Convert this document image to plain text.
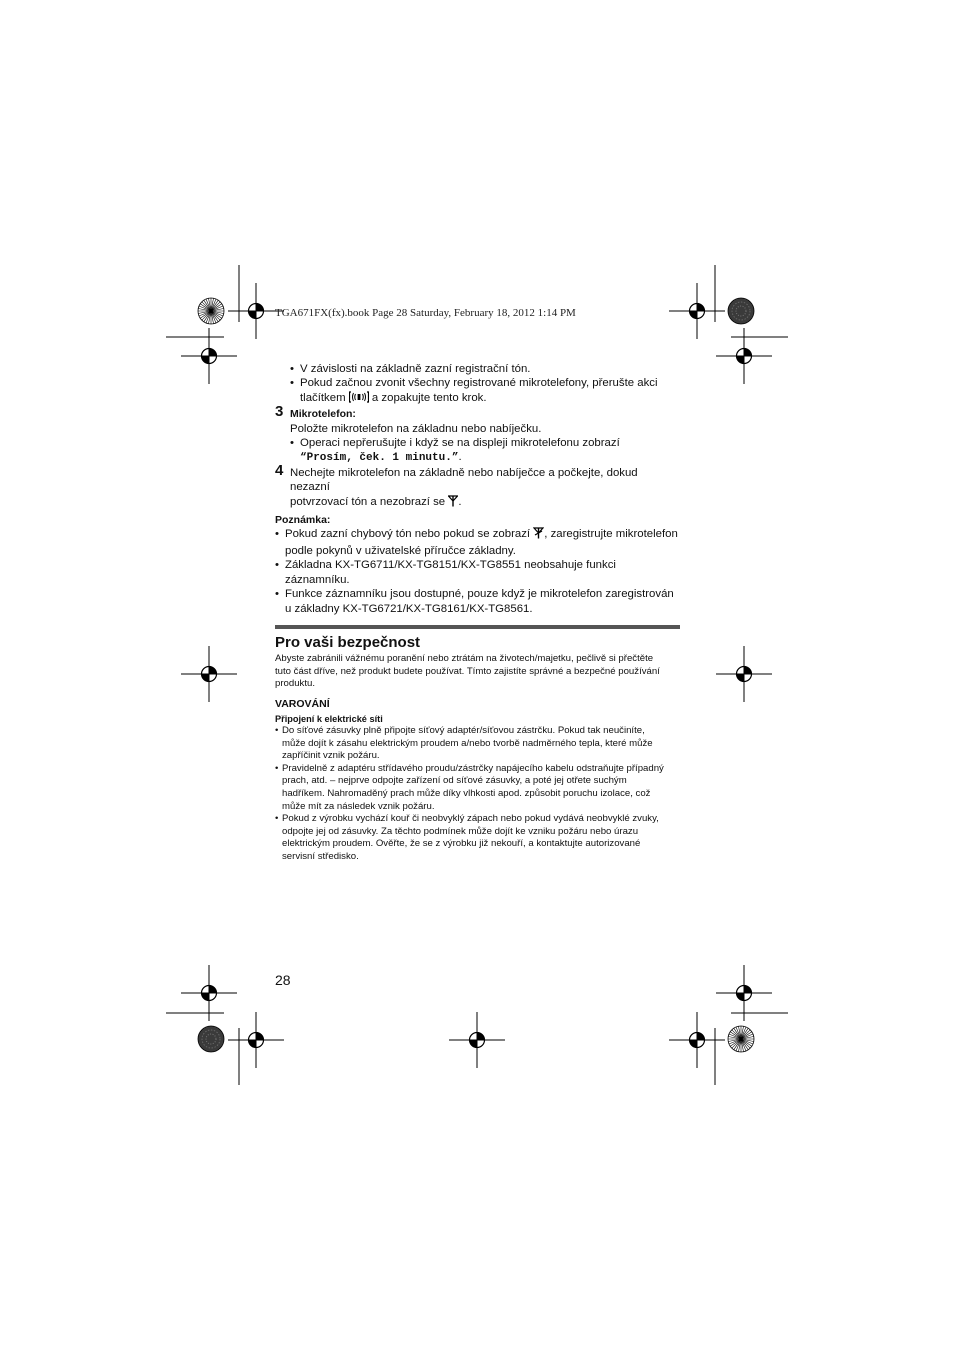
TGA671FX(fx).book Page 28 Saturday, February 18, 2012 1:14 PM
• V závislosti na základně zazní registrační tón.
• Pokud začnou zvonit všechny registrované mikrotelefony, přerušte akci
tlačítkem a zopakujte tento krok.
3 Mikrotelefon:
Položte mikrotelefon na základnu nebo nabíječku.
• Operaci nepřerušujte i když se na displeji mikrotelefonu zobrazí
“Prosím, ček. 1 minutu.”.
4 Nechejte mikrotelefon na základně nebo nabíječce a počkejte, dokud nezazní
potvrzovací tón a nezobrazí se .
Poznámka:
• Pokud zazní chybový tón nebo pokud se zobrazí , zaregistrujte mikrotelefon
podle pokynů v uživatelské příručce základny.
• Základna KX-TG6711/KX-TG8151/KX-TG8551 neobsahuje funkci
záznamníku.
• Funkce záznamníku jsou dostupné, pouze když je mikrotelefon zaregistrován
u základny KX-TG6721/KX-TG8161/KX-TG8561.
Pro vaši bezpečnost
Abyste zabránili vážnému poranění nebo ztrátám na životech/majetku, pečlivě si přečtěte
tuto část dříve, než produkt budete používat. Tímto zajistíte správné a bezpečné používání
produktu.
VAROVÁNÍ
Připojení k elektrické síti
• Do síťové zásuvky plně připojte síťový adaptér/síťovou zástrčku. Pokud tak neučiníte,
může dojít k zásahu elektrickým proudem a/nebo tvorbě nadměrného tepla, které může
zapříčinit vznik požáru.
• Pravidelně z adaptéru střídavého proudu/zástrčky napájecího kabelu odstraňujte případný
prach, atd. – nejprve odpojte zařízení od síťové zásuvky, a poté jej otřete suchým
hadříkem. Nahromaděný prach může díky vlhkosti apod. způsobit poruchu izolace, což
může mít za následek vznik požáru.
• Pokud z výrobku vychází kouř či neobvyklý zápach nebo pokud vydává neobvyklé zvuky,
odpojte jej od zásuvky. Za těchto podmínek může dojít ke vzniku požáru nebo úrazu
elektrickým proudem. Ověřte, že se z výrobku již nekouří, a kontaktujte autorizované
servisní středisko.
28
